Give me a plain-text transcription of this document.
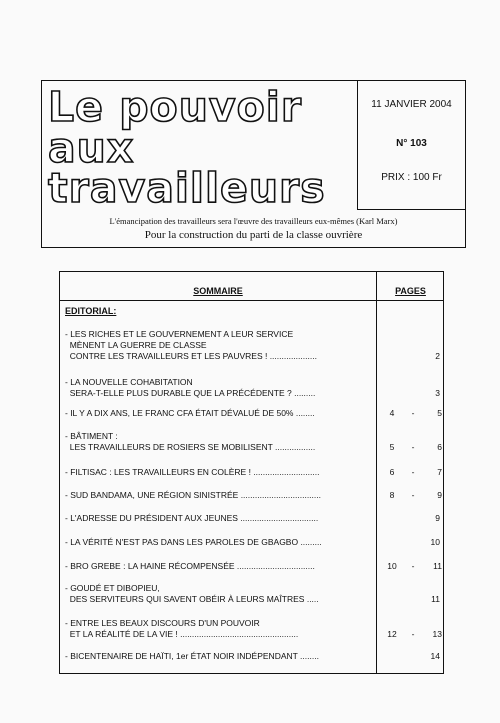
Le pouvoir
aux
travailleurs
11 JANVIER 2004
N° 103
PRIX : 100 Fr
L'émancipation des travailleurs sera l'œuvre des travailleurs eux-mêmes (Karl Marx)
Pour la construction du parti de la classe ouvrière
SOMMAIRE	PAGES
EDITORIAL:
- LES RICHES ET LE GOUVERNEMENT A LEUR SERVICE
MÈNENT LA GUERRE DE CLASSE
CONTRE LES TRAVAILLEURS ET LES PAUVRES ! ....................	2
- LA NOUVELLE COHABITATION
SERA-T-ELLE PLUS DURABLE QUE LA PRÉCÉDENTE ? .........	3
- IL Y A DIX ANS, LE FRANC CFA ÉTAIT DÉVALUÉ DE 50% ........	4	-	5
- BÂTIMENT :
LES TRAVAILLEURS DE ROSIERS SE MOBILISENT .................	5	-	6
- FILTISAC : LES TRAVAILLEURS EN COLÈRE ! ............................	6	-	7
- SUD BANDAMA, UNE RÉGION SINISTRÉE ..................................	8	-	9
- L'ADRESSE DU PRÉSIDENT AUX JEUNES .................................	9
- LA VÉRITÉ N'EST PAS DANS LES PAROLES DE GBAGBO .........	10
- BRO GREBE : LA HAINE RÉCOMPENSÉE .................................	10	-	11
- GOUDÉ ET DIBOPIEU,
DES SERVITEURS QUI SAVENT OBÉIR À LEURS MAÎTRES .....	11
- ENTRE LES BEAUX DISCOURS D'UN POUVOIR
ET LA RÉALITÉ DE LA VIE ! ..................................................	12	-	13
- BICENTENAIRE DE HAÏTI, 1er ÉTAT NOIR INDÉPENDANT ........	14
